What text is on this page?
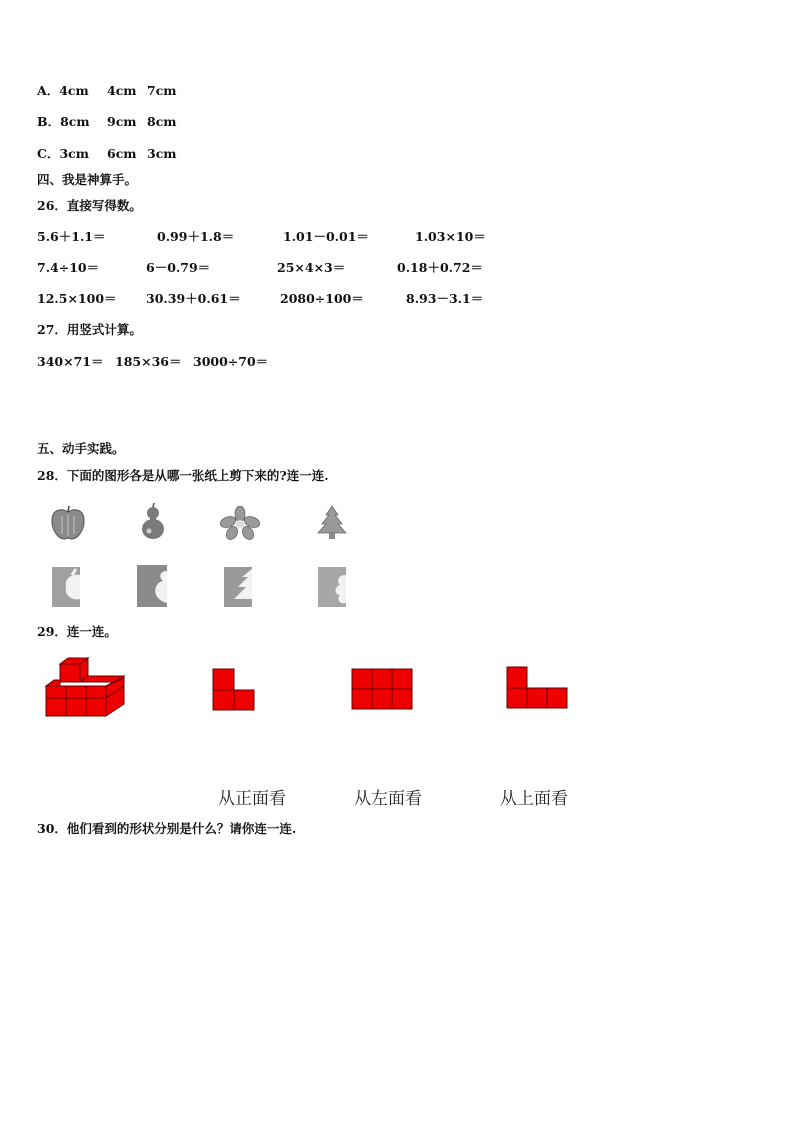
A．4cm 4cm 7cm
B．8cm 9cm 8cm
C．3cm 6cm 3cm
四、我是神算手。
26．直接写得数。
5.6＋1.1＝	0.99＋1.8＝	1.01－0.01＝	1.03×10＝
7.4÷10＝	6－0.79＝	25×4×3＝	0.18＋0.72＝
12.5×100＝ 30.39＋0.61＝	2080÷100＝	8.93－3.1＝
27．用竖式计算。
340×71＝ 185×36＝ 3000÷70＝
五、动手实践。
28．下面的图形各是从哪一张纸上剪下来的?连一连.
29．连一连。
从正面看	从左面看	从上面看
30．他们看到的形状分别是什么？请你连一连.
